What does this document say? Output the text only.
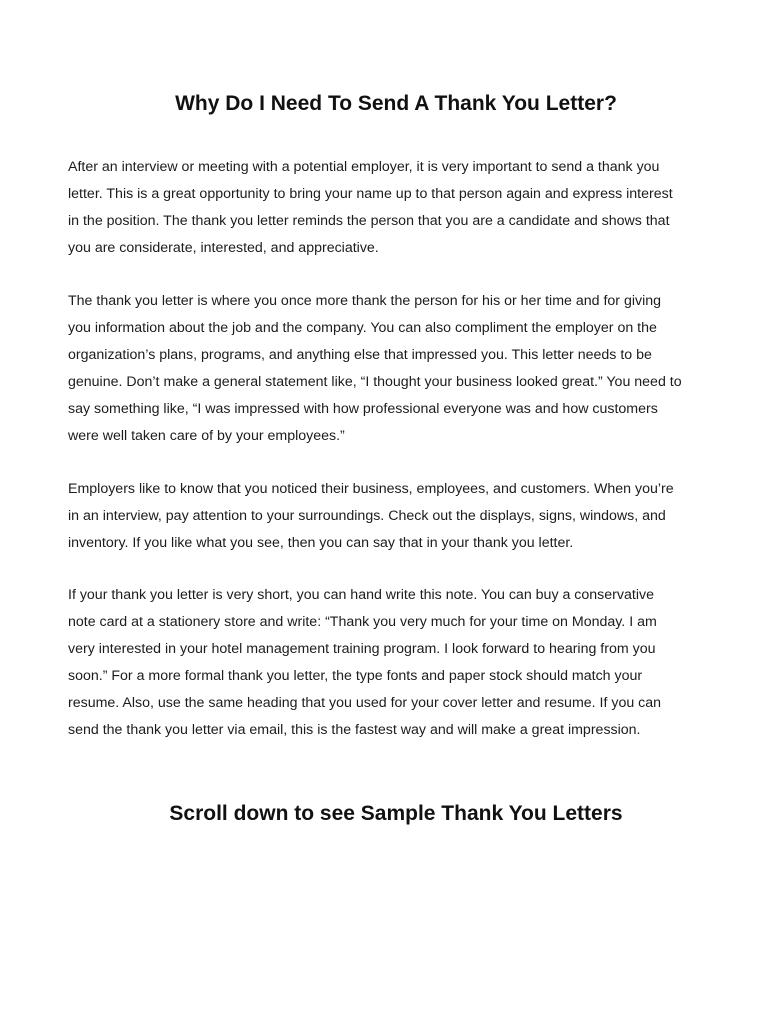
Why Do I Need To Send A Thank You Letter?

After an interview or meeting with a potential employer, it is very important to send a thank you
letter. This is a great opportunity to bring your name up to that person again and express interest
in the position. The thank you letter reminds the person that you are a candidate and shows that
you are considerate, interested, and appreciative.

The thank you letter is where you once more thank the person for his or her time and for giving
you information about the job and the company. You can also compliment the employer on the
organization’s plans, programs, and anything else that impressed you. This letter needs to be
genuine. Don’t make a general statement like, “I thought your business looked great.” You need to
say something like, “I was impressed with how professional everyone was and how customers
were well taken care of by your employees.”

Employers like to know that you noticed their business, employees, and customers. When you’re
in an interview, pay attention to your surroundings. Check out the displays, signs, windows, and
inventory. If you like what you see, then you can say that in your thank you letter.

If your thank you letter is very short, you can hand write this note. You can buy a conservative
note card at a stationery store and write: “Thank you very much for your time on Monday. I am
very interested in your hotel management training program. I look forward to hearing from you
soon.” For a more formal thank you letter, the type fonts and paper stock should match your
resume. Also, use the same heading that you used for your cover letter and resume. If you can
send the thank you letter via email, this is the fastest way and will make a great impression.

Scroll down to see Sample Thank You Letters
